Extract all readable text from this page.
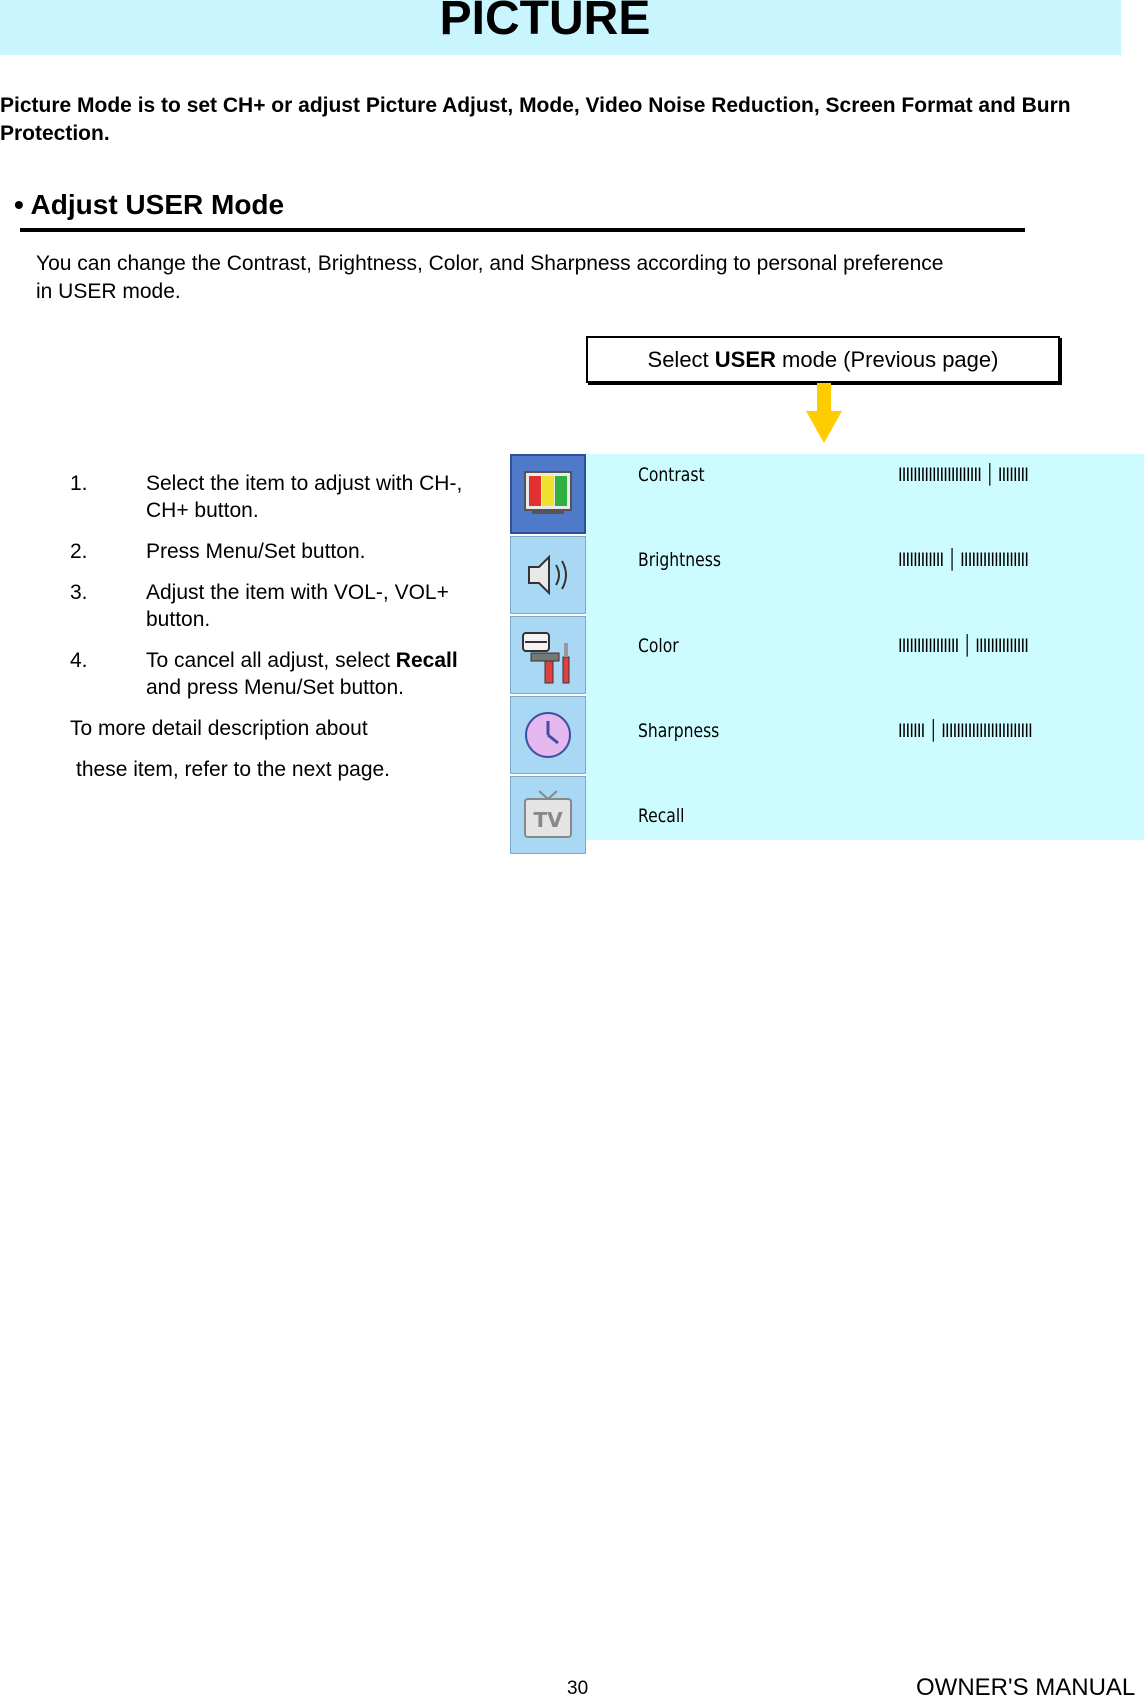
PICTURE
Picture Mode is to set CH+ or adjust Picture Adjust, Mode, Video Noise Reduction, Screen Format and Burn Protection.
• Adjust USER Mode
You can change the Contrast, Brightness, Color, and Sharpness according to personal preference in USER mode.
Select USER mode (Previous page)
1.	Select the item to adjust with CH-, CH+ button.
2.	Press Menu/Set button.
3.	Adjust the item with VOL-, VOL+ button.
4.	To cancel all adjust, select Recall and press Menu/Set button.
To more detail description about
these item, refer to the next page.
TV
Contrast	IIIIIIIIIIIIIIIIIIIIII │ IIIIIIII
Brightness	IIIIIIIIIIII │ IIIIIIIIIIIIIIIIII
Color	IIIIIIIIIIIIIIII │ IIIIIIIIIIIIII
Sharpness	IIIIIII │ IIIIIIIIIIIIIIIIIIIIIIII
Recall
30	OWNER'S MANUAL
